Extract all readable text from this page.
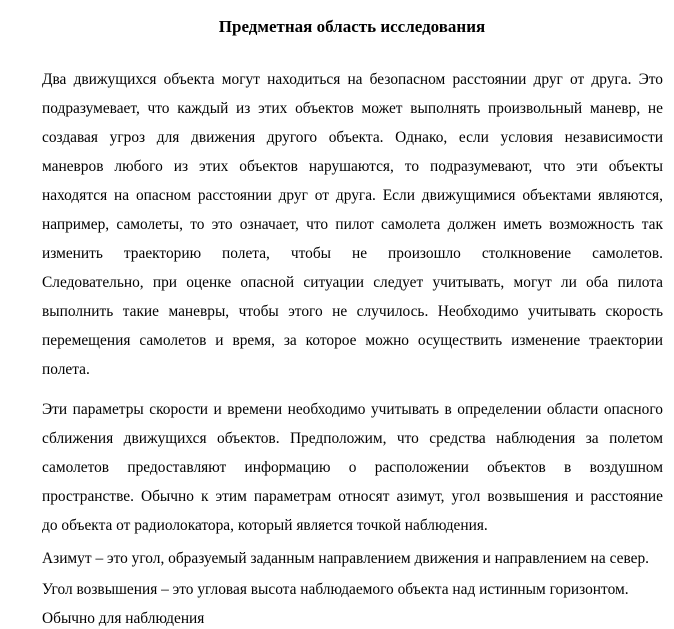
Предметная область исследования
Два движущихся объекта могут находиться на безопасном расстоянии друг от друга. Это
подразумевает, что каждый из этих объектов может выполнять произвольный маневр, не
создавая угроз для движения другого объекта. Однако, если условия независимости
маневров любого из этих объектов нарушаются, то подразумевают, что эти объекты
находятся на опасном расстоянии друг от друга. Если движущимися объектами являются,
например, самолеты, то это означает, что пилот самолета должен иметь возможность так
изменить траекторию полета, чтобы не произошло столкновение самолетов.
Следовательно, при оценке опасной ситуации следует учитывать, могут ли оба пилота
выполнить такие маневры, чтобы этого не случилось. Необходимо учитывать скорость
перемещения самолетов и время, за которое можно осуществить изменение траектории
полета.
Эти параметры скорости и времени необходимо учитывать в определении области опасного
сближения движущихся объектов. Предположим, что средства наблюдения за полетом
самолетов предоставляют информацию о расположении объектов в воздушном
пространстве. Обычно к этим параметрам относят азимут, угол возвышения и расстояние
до объекта от радиолокатора, который является точкой наблюдения.
Азимут – это угол, образуемый заданным направлением движения и направлением на север.
Угол возвышения – это угловая высота наблюдаемого объекта над истинным горизонтом.
Обычно для наблюдения
